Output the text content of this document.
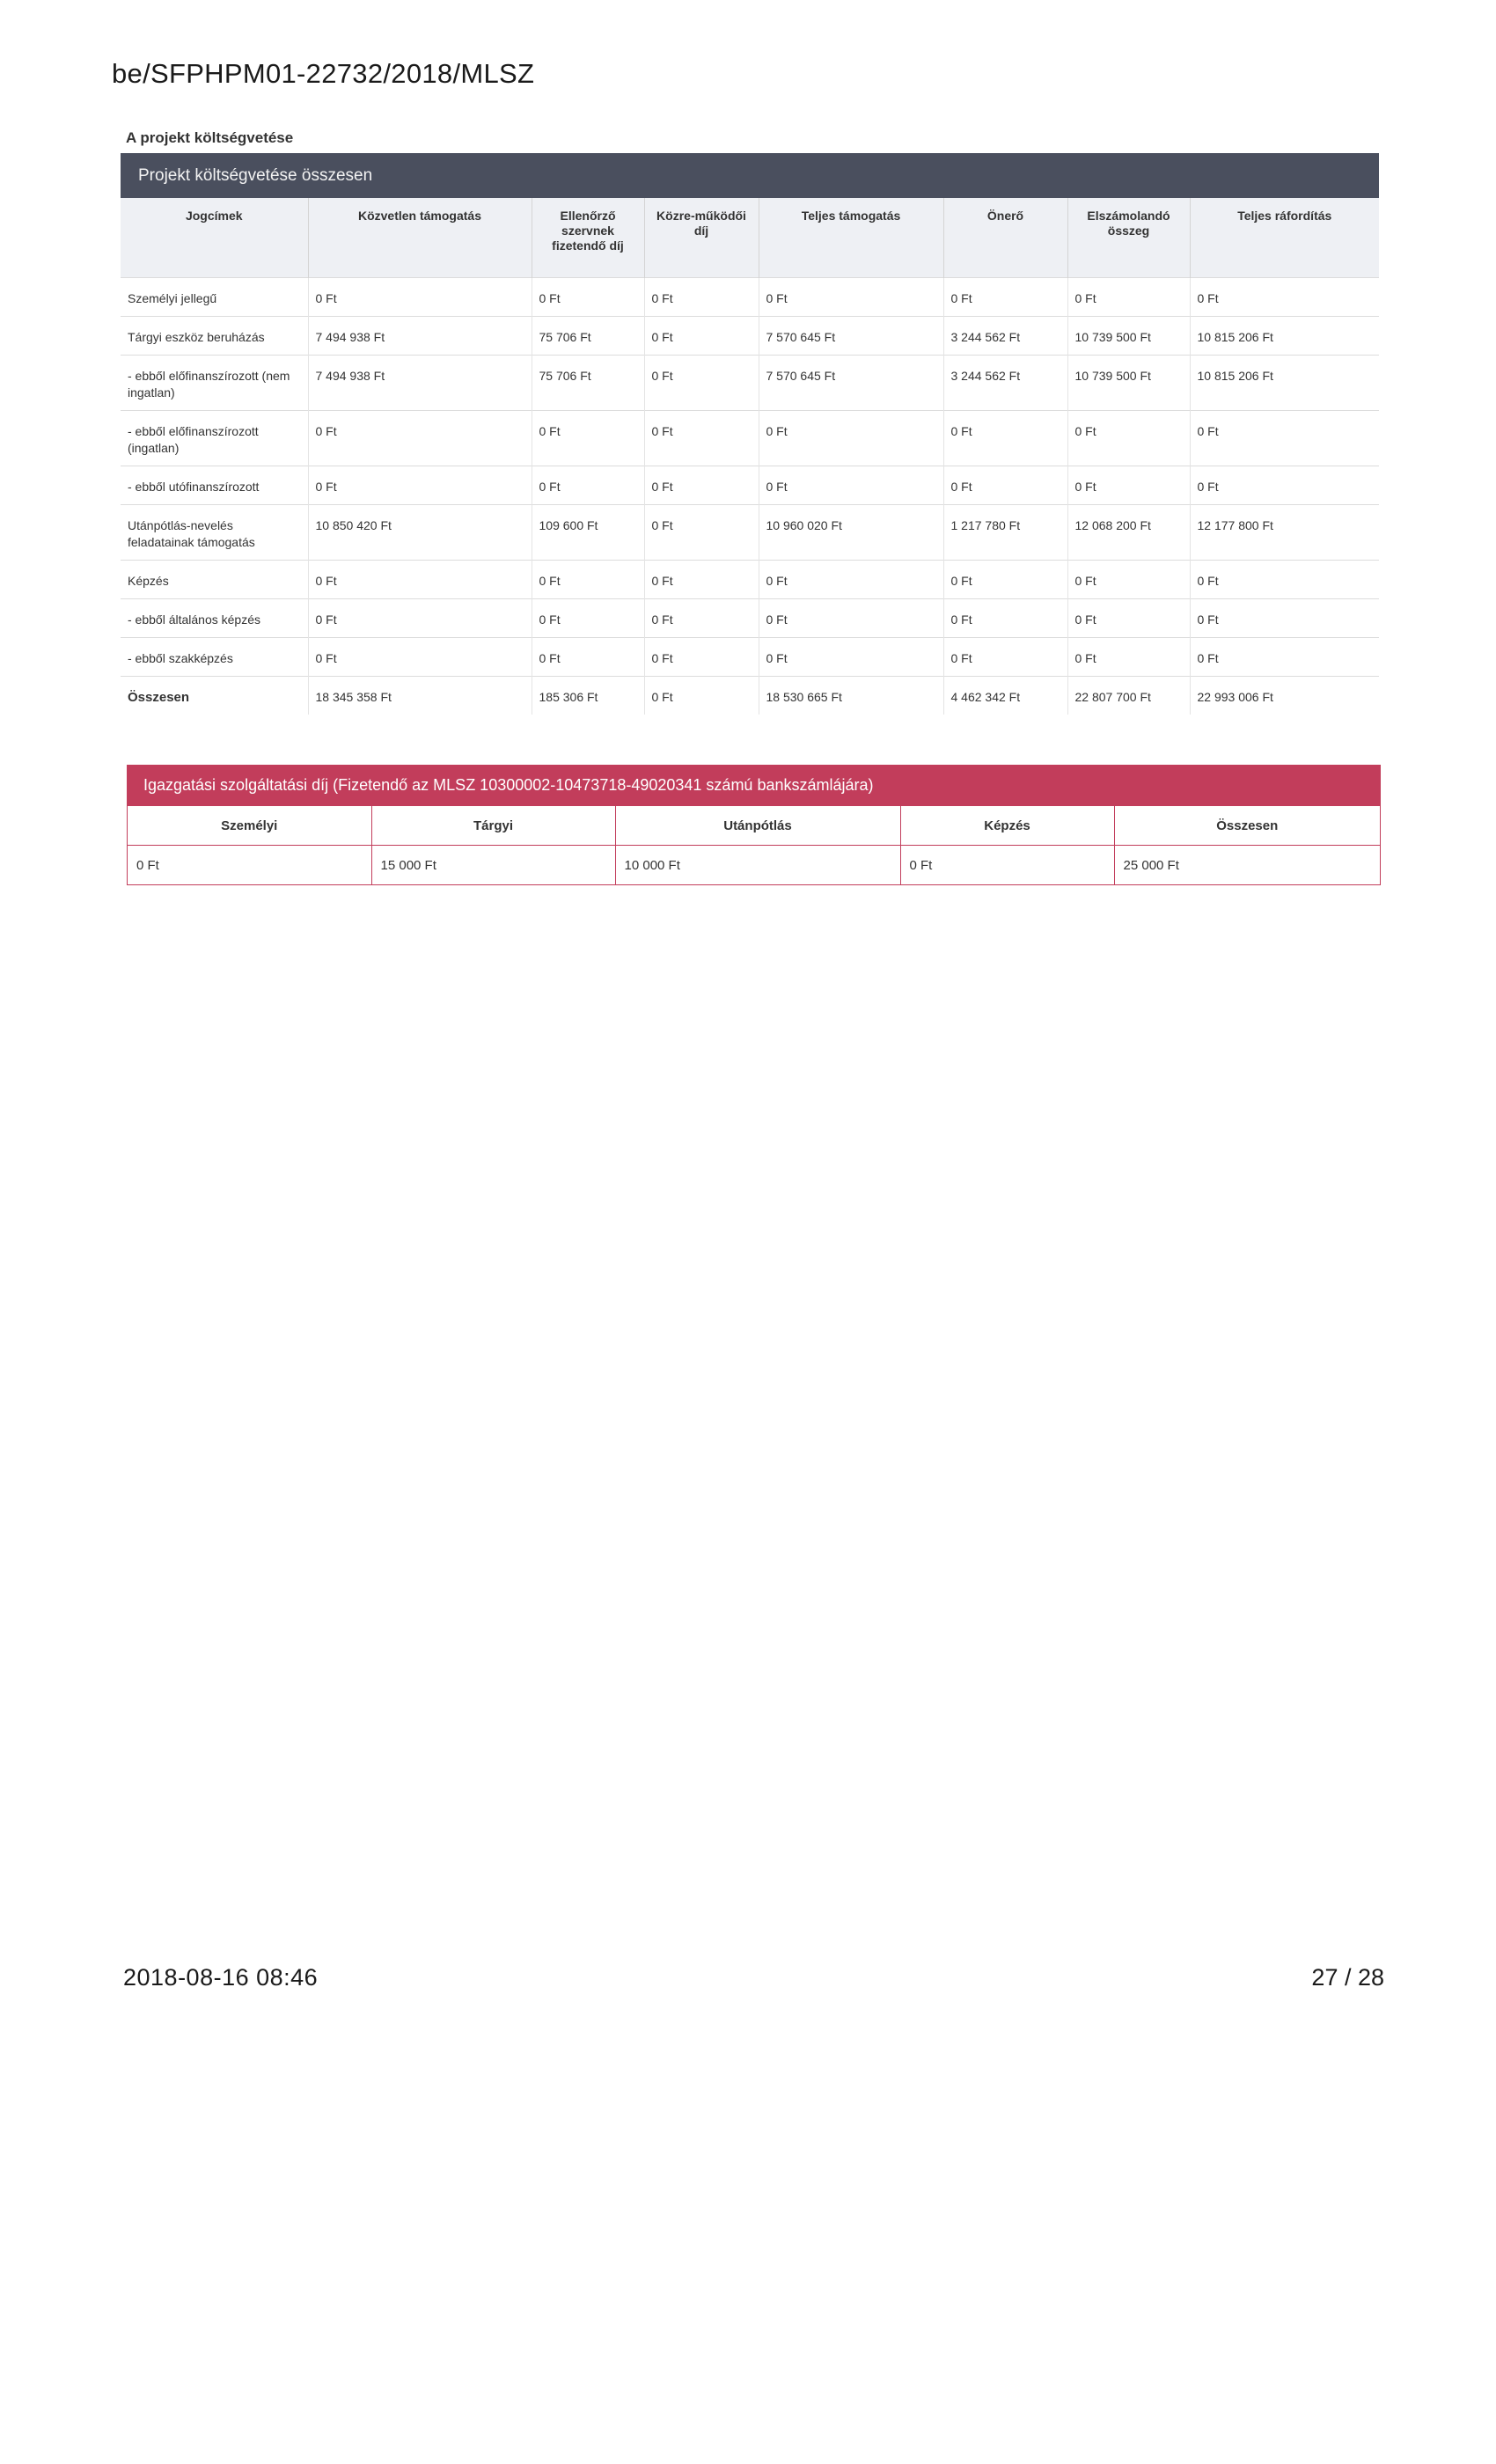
be/SFPHPM01-22732/2018/MLSZ
A projekt költségvetése
Projekt költségvetése összesen
Jogcímek	Közvetlen támogatás	Ellenőrző szervnek fizetendő díj	Közre-működői díj	Teljes támogatás	Önerő	Elszámolandó összeg	Teljes ráfordítás
Személyi jellegű	0 Ft	0 Ft	0 Ft	0 Ft	0 Ft	0 Ft	0 Ft
Tárgyi eszköz beruházás	7 494 938 Ft	75 706 Ft	0 Ft	7 570 645 Ft	3 244 562 Ft	10 739 500 Ft	10 815 206 Ft
- ebből előfinanszírozott (nem ingatlan)	7 494 938 Ft	75 706 Ft	0 Ft	7 570 645 Ft	3 244 562 Ft	10 739 500 Ft	10 815 206 Ft
- ebből előfinanszírozott (ingatlan)	0 Ft	0 Ft	0 Ft	0 Ft	0 Ft	0 Ft	0 Ft
- ebből utófinanszírozott	0 Ft	0 Ft	0 Ft	0 Ft	0 Ft	0 Ft	0 Ft
Utánpótlás-nevelés feladatainak támogatás	10 850 420 Ft	109 600 Ft	0 Ft	10 960 020 Ft	1 217 780 Ft	12 068 200 Ft	12 177 800 Ft
Képzés	0 Ft	0 Ft	0 Ft	0 Ft	0 Ft	0 Ft	0 Ft
- ebből általános képzés	0 Ft	0 Ft	0 Ft	0 Ft	0 Ft	0 Ft	0 Ft
- ebből szakképzés	0 Ft	0 Ft	0 Ft	0 Ft	0 Ft	0 Ft	0 Ft
Összesen	18 345 358 Ft	185 306 Ft	0 Ft	18 530 665 Ft	4 462 342 Ft	22 807 700 Ft	22 993 006 Ft
Igazgatási szolgáltatási díj (Fizetendő az MLSZ 10300002-10473718-49020341 számú bankszámlájára)
Személyi	Tárgyi	Utánpótlás	Képzés	Összesen
0 Ft	15 000 Ft	10 000 Ft	0 Ft	25 000 Ft
2018-08-16 08:46	27 / 28
